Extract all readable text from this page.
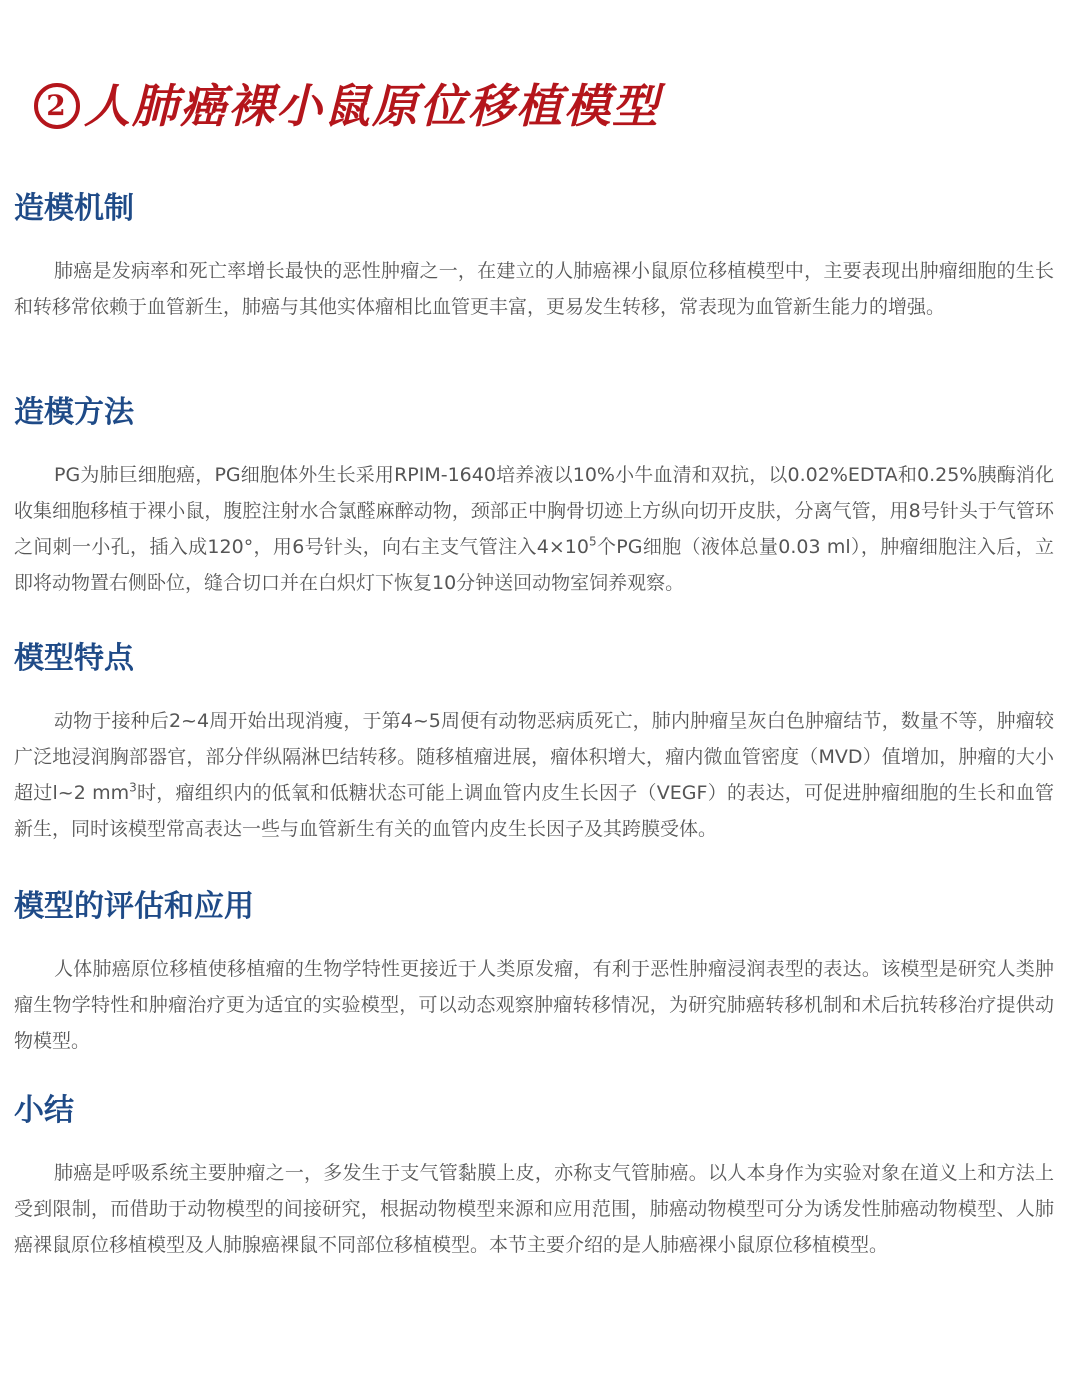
2 人肺癌裸小鼠原位移植模型
造模机制

肺癌是发病率和死亡率增长最快的恶性肿瘤之一，在建立的人肺癌裸小鼠原位移植模型中，主要表现出肿瘤细胞的生长和转移常依赖于血管新生，肺癌与其他实体瘤相比血管更丰富，更易发生转移，常表现为血管新生能力的增强。

造模方法

PG为肺巨细胞癌，PG细胞体外生长采用RPIM-1640培养液以10%小牛血清和双抗，以0.02%EDTA和0.25%胰酶消化收集细胞移植于裸小鼠，腹腔注射水合氯醛麻醉动物，颈部正中胸骨切迹上方纵向切开皮肤，分离气管，用8号针头于气管环之间刺一小孔，插入成120°，用6号针头，向右主支气管注入$4\times 10^5$个PG细胞（液体总量0.03 ml），肿瘤细胞注入后，立即将动物置右侧卧位，缝合切口并在白炽灯下恢复10分钟送回动物室饲养观察。

模型特点

动物于接种后2~4周开始出现消瘦，于第4~5周便有动物恶病质死亡，肺内肿瘤呈灰白色肿瘤结节，数量不等，肿瘤较广泛地浸润胸部器官，部分伴纵隔淋巴结转移。随移植瘤进展，瘤体积增大，瘤内微血管密度（MVD）值增加，肿瘤的大小超过l~2 $mm^3$时，瘤组织内的低氧和低糖状态可能上调血管内皮生长因子（VEGF）的表达，可促进肿瘤细胞的生长和血管新生，同时该模型常高表达一些与血管新生有关的血管内皮生长因子及其跨膜受体。

模型的评估和应用

人体肺癌原位移植使移植瘤的生物学特性更接近于人类原发瘤，有利于恶性肿瘤浸润表型的表达。该模型是研究人类肿瘤生物学特性和肿瘤治疗更为适宜的实验模型，可以动态观察肿瘤转移情况，为研究肺癌转移机制和术后抗转移治疗提供动物模型。

小结

肺癌是呼吸系统主要肿瘤之一，多发生于支气管黏膜上皮，亦称支气管肺癌。以人本身作为实验对象在道义上和方法上受到限制，而借助于动物模型的间接研究，根据动物模型来源和应用范围，肺癌动物模型可分为诱发性肺癌动物模型、人肺癌裸鼠原位移植模型及人肺腺癌裸鼠不同部位移植模型。本节主要介绍的是人肺癌裸小鼠原位移植模型。
